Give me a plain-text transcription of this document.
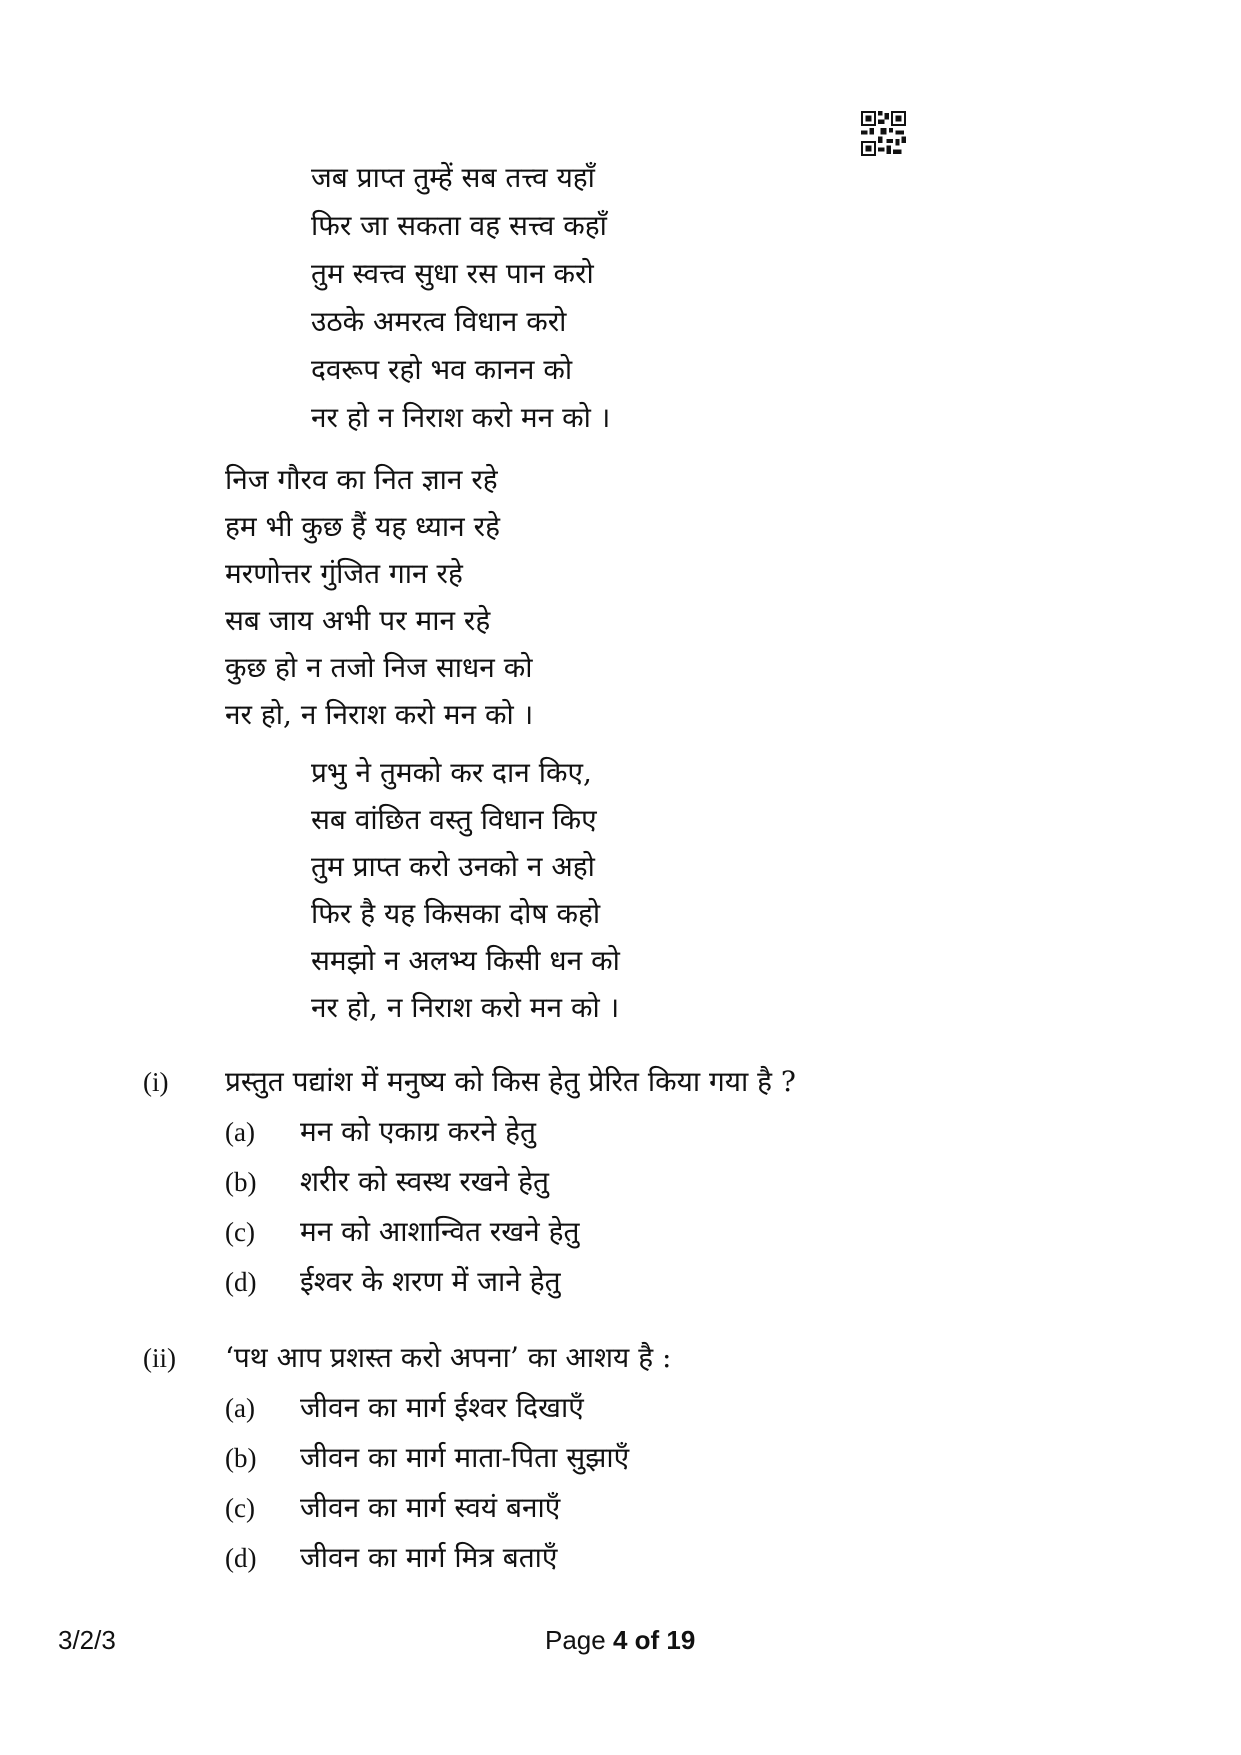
जब प्राप्त तुम्हें सब तत्त्व यहाँ
फिर जा सकता वह सत्त्व कहाँ
तुम स्वत्त्व सुधा रस पान करो
उठके अमरत्व विधान करो
दवरूप रहो भव कानन को
नर हो न निराश करो मन को ।
निज गौरव का नित ज्ञान रहे
हम भी कुछ हैं यह ध्यान रहे
मरणोत्तर गुंजित गान रहे
सब जाय अभी पर मान रहे
कुछ हो न तजो निज साधन को
नर हो, न निराश करो मन को ।
प्रभु ने तुमको कर दान किए,
सब वांछित वस्तु विधान किए
तुम प्राप्त करो उनको न अहो
फिर है यह किसका दोष कहो
समझो न अलभ्य किसी धन को
नर हो, न निराश करो मन को ।
(i) प्रस्तुत पद्यांश में मनुष्य को किस हेतु प्रेरित किया गया है ?
(a) मन को एकाग्र करने हेतु
(b) शरीर को स्वस्थ रखने हेतु
(c) मन को आशान्वित रखने हेतु
(d) ईश्वर के शरण में जाने हेतु
(ii) ‘पथ आप प्रशस्त करो अपना’ का आशय है :
(a) जीवन का मार्ग ईश्वर दिखाएँ
(b) जीवन का मार्ग माता-पिता सुझाएँ
(c) जीवन का मार्ग स्वयं बनाएँ
(d) जीवन का मार्ग मित्र बताएँ
3/2/3	Page 4 of 19
